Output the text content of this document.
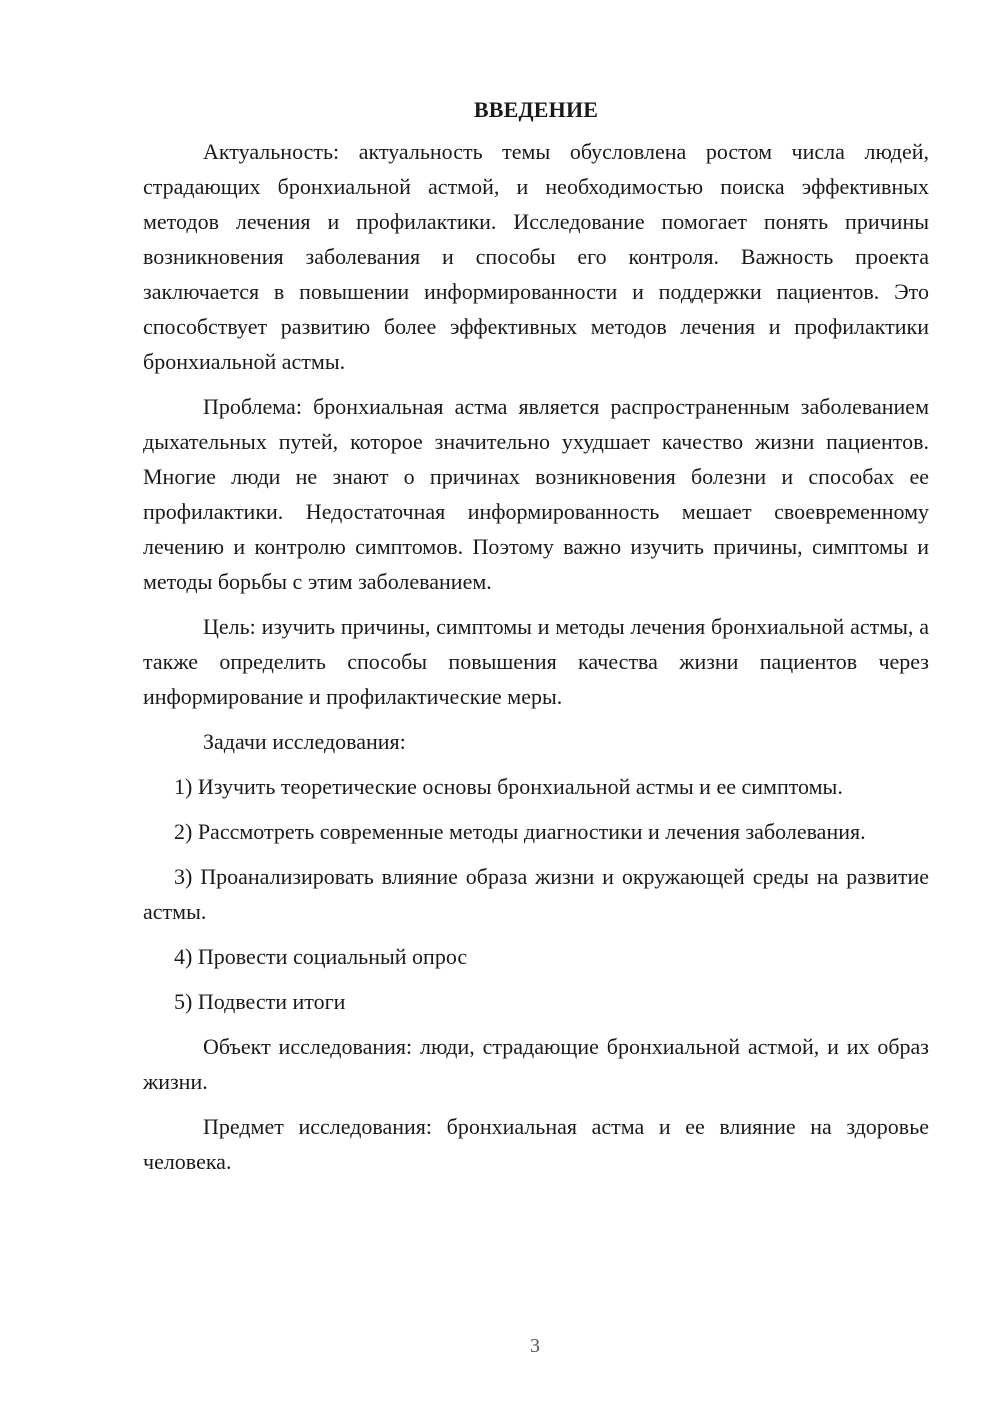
ВВЕДЕНИЕ

Актуальность: актуальность темы обусловлена ростом числа людей, страдающих бронхиальной астмой, и необходимостью поиска эффективных методов лечения и профилактики. Исследование помогает понять причины возникновения заболевания и способы его контроля. Важность проекта заключается в повышении информированности и поддержки пациентов. Это способствует развитию более эффективных методов лечения и профилактики бронхиальной астмы.

Проблема: бронхиальная астма является распространенным заболеванием дыхательных путей, которое значительно ухудшает качество жизни пациентов. Многие люди не знают о причинах возникновения болезни и способах ее профилактики. Недостаточная информированность мешает своевременному лечению и контролю симптомов. Поэтому важно изучить причины, симптомы и методы борьбы с этим заболеванием.

Цель: изучить причины, симптомы и методы лечения бронхиальной астмы, а также определить способы повышения качества жизни пациентов через информирование и профилактические меры.

Задачи исследования:

1) Изучить теоретические основы бронхиальной астмы и ее симптомы.

2) Рассмотреть современные методы диагностики и лечения заболевания.

3) Проанализировать влияние образа жизни и окружающей среды на развитие астмы.

4) Провести социальный опрос

5) Подвести итоги

Объект исследования: люди, страдающие бронхиальной астмой, и их образ жизни.

Предмет исследования: бронхиальная астма и ее влияние на здоровье человека.

3
